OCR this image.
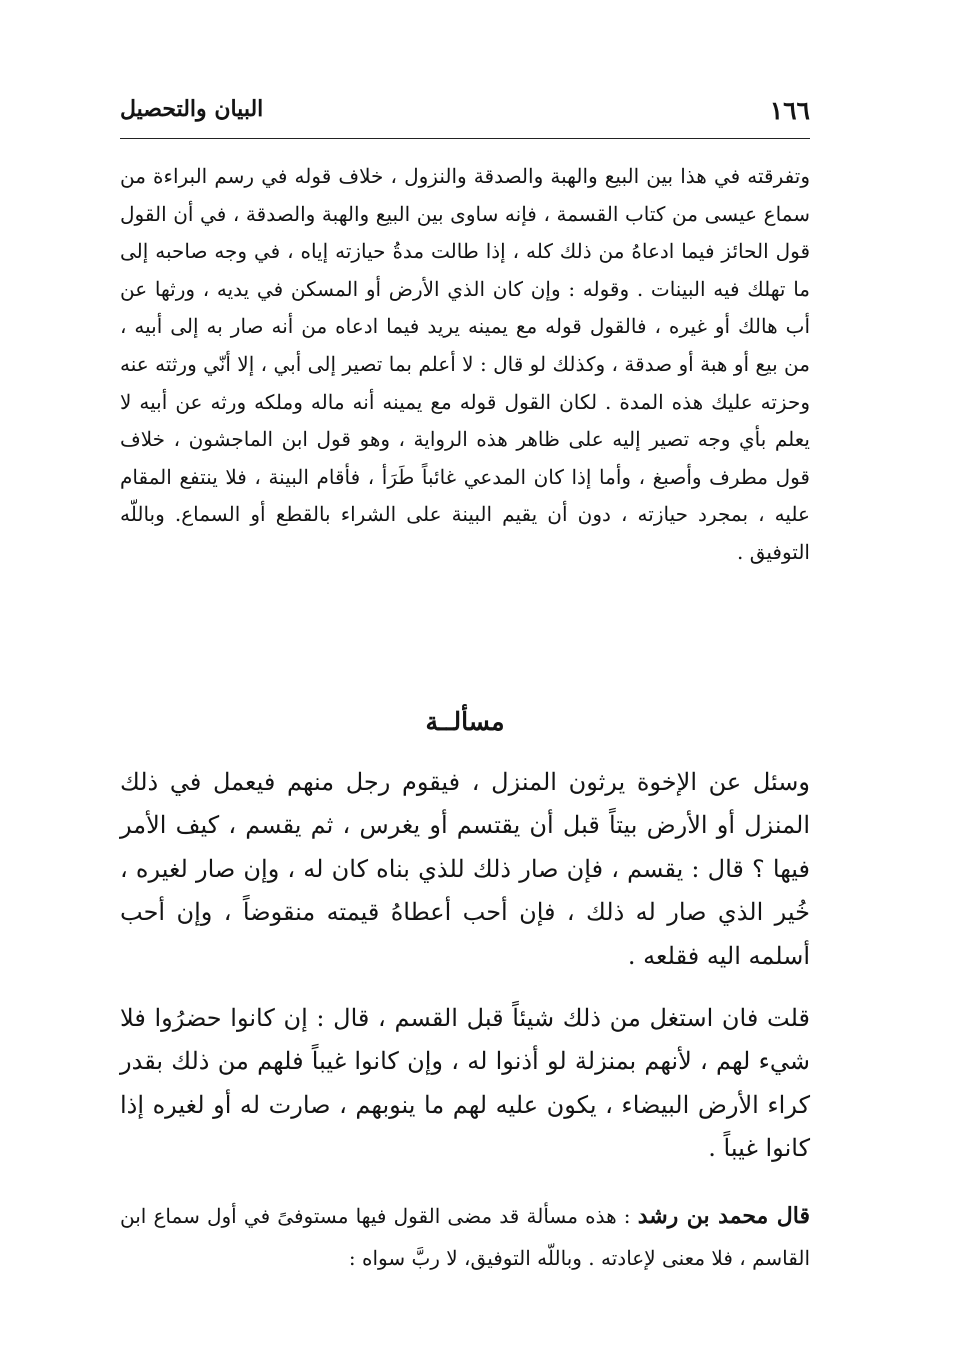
١٦٦
البيان والتحصيل

وتفرقته في هذا بين البيع والهبة والصدقة والنزول ، خلاف قوله في رسم البراءة من سماع عيسى من كتاب القسمة ، فإنه ساوى بين البيع والهبة والصدقة ، في أن القول قول الحائز فيما ادعاهُ من ذلك كله ، إذا طالت مدةُ حيازته إياه ، في وجه صاحبه إلى ما تهلك فيه البينات . وقوله : وإن كان الذي الأرض أو المسكن في يديه ، ورثها عن أب هالك أو غيره ، فالقول قوله مع يمينه يريد فيما ادعاه من أنه صار به إلى أبيه ، من بيع أو هبة أو صدقة ، وكذلك لو قال : لا أعلم بما تصير إلى أبي ، إلا أنّي ورثته عنه وحزته عليك هذه المدة . لكان القول قوله مع يمينه أنه ماله وملكه ورثه عن أبيه لا يعلم بأي وجه تصير إليه على ظاهر هذه الرواية ، وهو قول ابن الماجشون ، خلاف قول مطرف وأصبغ ، وأما إذا كان المدعي غائباً طَرَأ ، فأقام البينة ، فلا ينتفع المقام عليه ، بمجرد حيازته ، دون أن يقيم البينة على الشراء بالقطع أو السماع. وباللّه التوفيق .

مسألــة

وسئل عن الإخوة يرثون المنزل ، فيقوم رجل منهم فيعمل في ذلك المنزل أو الأرض بيتاً قبل أن يقتسم أو يغرس ، ثم يقسم ، كيف الأمر فيها ؟ قال : يقسم ، فإن صار ذلك للذي بناه كان له ، وإن صار لغيره ، خُير الذي صار له ذلك ، فإن أحب أعطاهُ قيمته منقوضاً ، وإن أحب أسلمه اليه فقلعه .

قلت فان استغل من ذلك شيئاً قبل القسم ، قال : إن كانوا حضرُوا فلا شيء لهم ، لأنهم بمنزلة لو أذنوا له ، وإن كانوا غيباً فلهم من ذلك بقدر كراء الأرض البيضاء ، يكون عليه لهم ما ينوبهم ، صارت له أو لغيره إذا كانوا غيباً .

قال محمد بن رشد : هذه مسألة قد مضى القول فيها مستوفىً في أول سماع ابن القاسم ، فلا معنى لإعادته . وباللّه التوفيق، لا ربَّ سواه :
